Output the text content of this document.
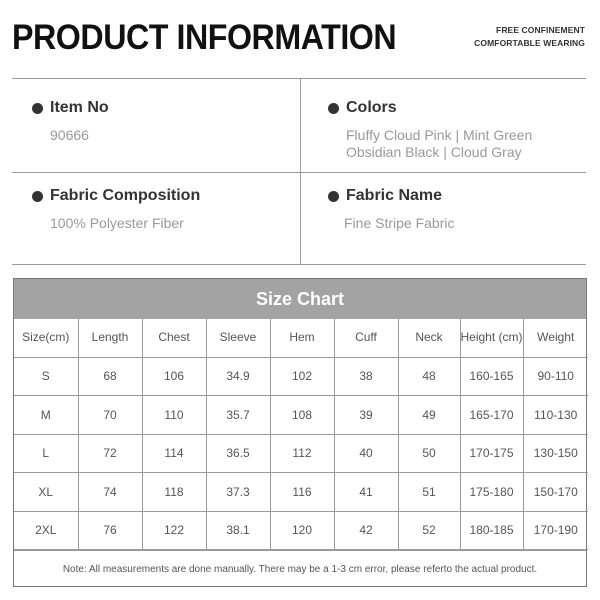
PRODUCT INFORMATION	FREE CONFINEMENT
COMFORTABLE WEARING
Item No
90666
Colors
Fluffy Cloud Pink | Mint Green
Obsidian Black | Cloud Gray
Fabric Composition
100% Polyester Fiber
Fabric Name
Fine Stripe Fabric
Size Chart
Size(cm)	Length	Chest	Sleeve	Hem	Cuff	Neck	Height (cm)	Weight
S	68	106	34.9	102	38	48	160-165	90-110
M	70	110	35.7	108	39	49	165-170	110-130
L	72	114	36.5	112	40	50	170-175	130-150
XL	74	118	37.3	116	41	51	175-180	150-170
2XL	76	122	38.1	120	42	52	180-185	170-190
Note: All measurements are done manually. There may be a 1-3 cm error, please referto the actual product.
